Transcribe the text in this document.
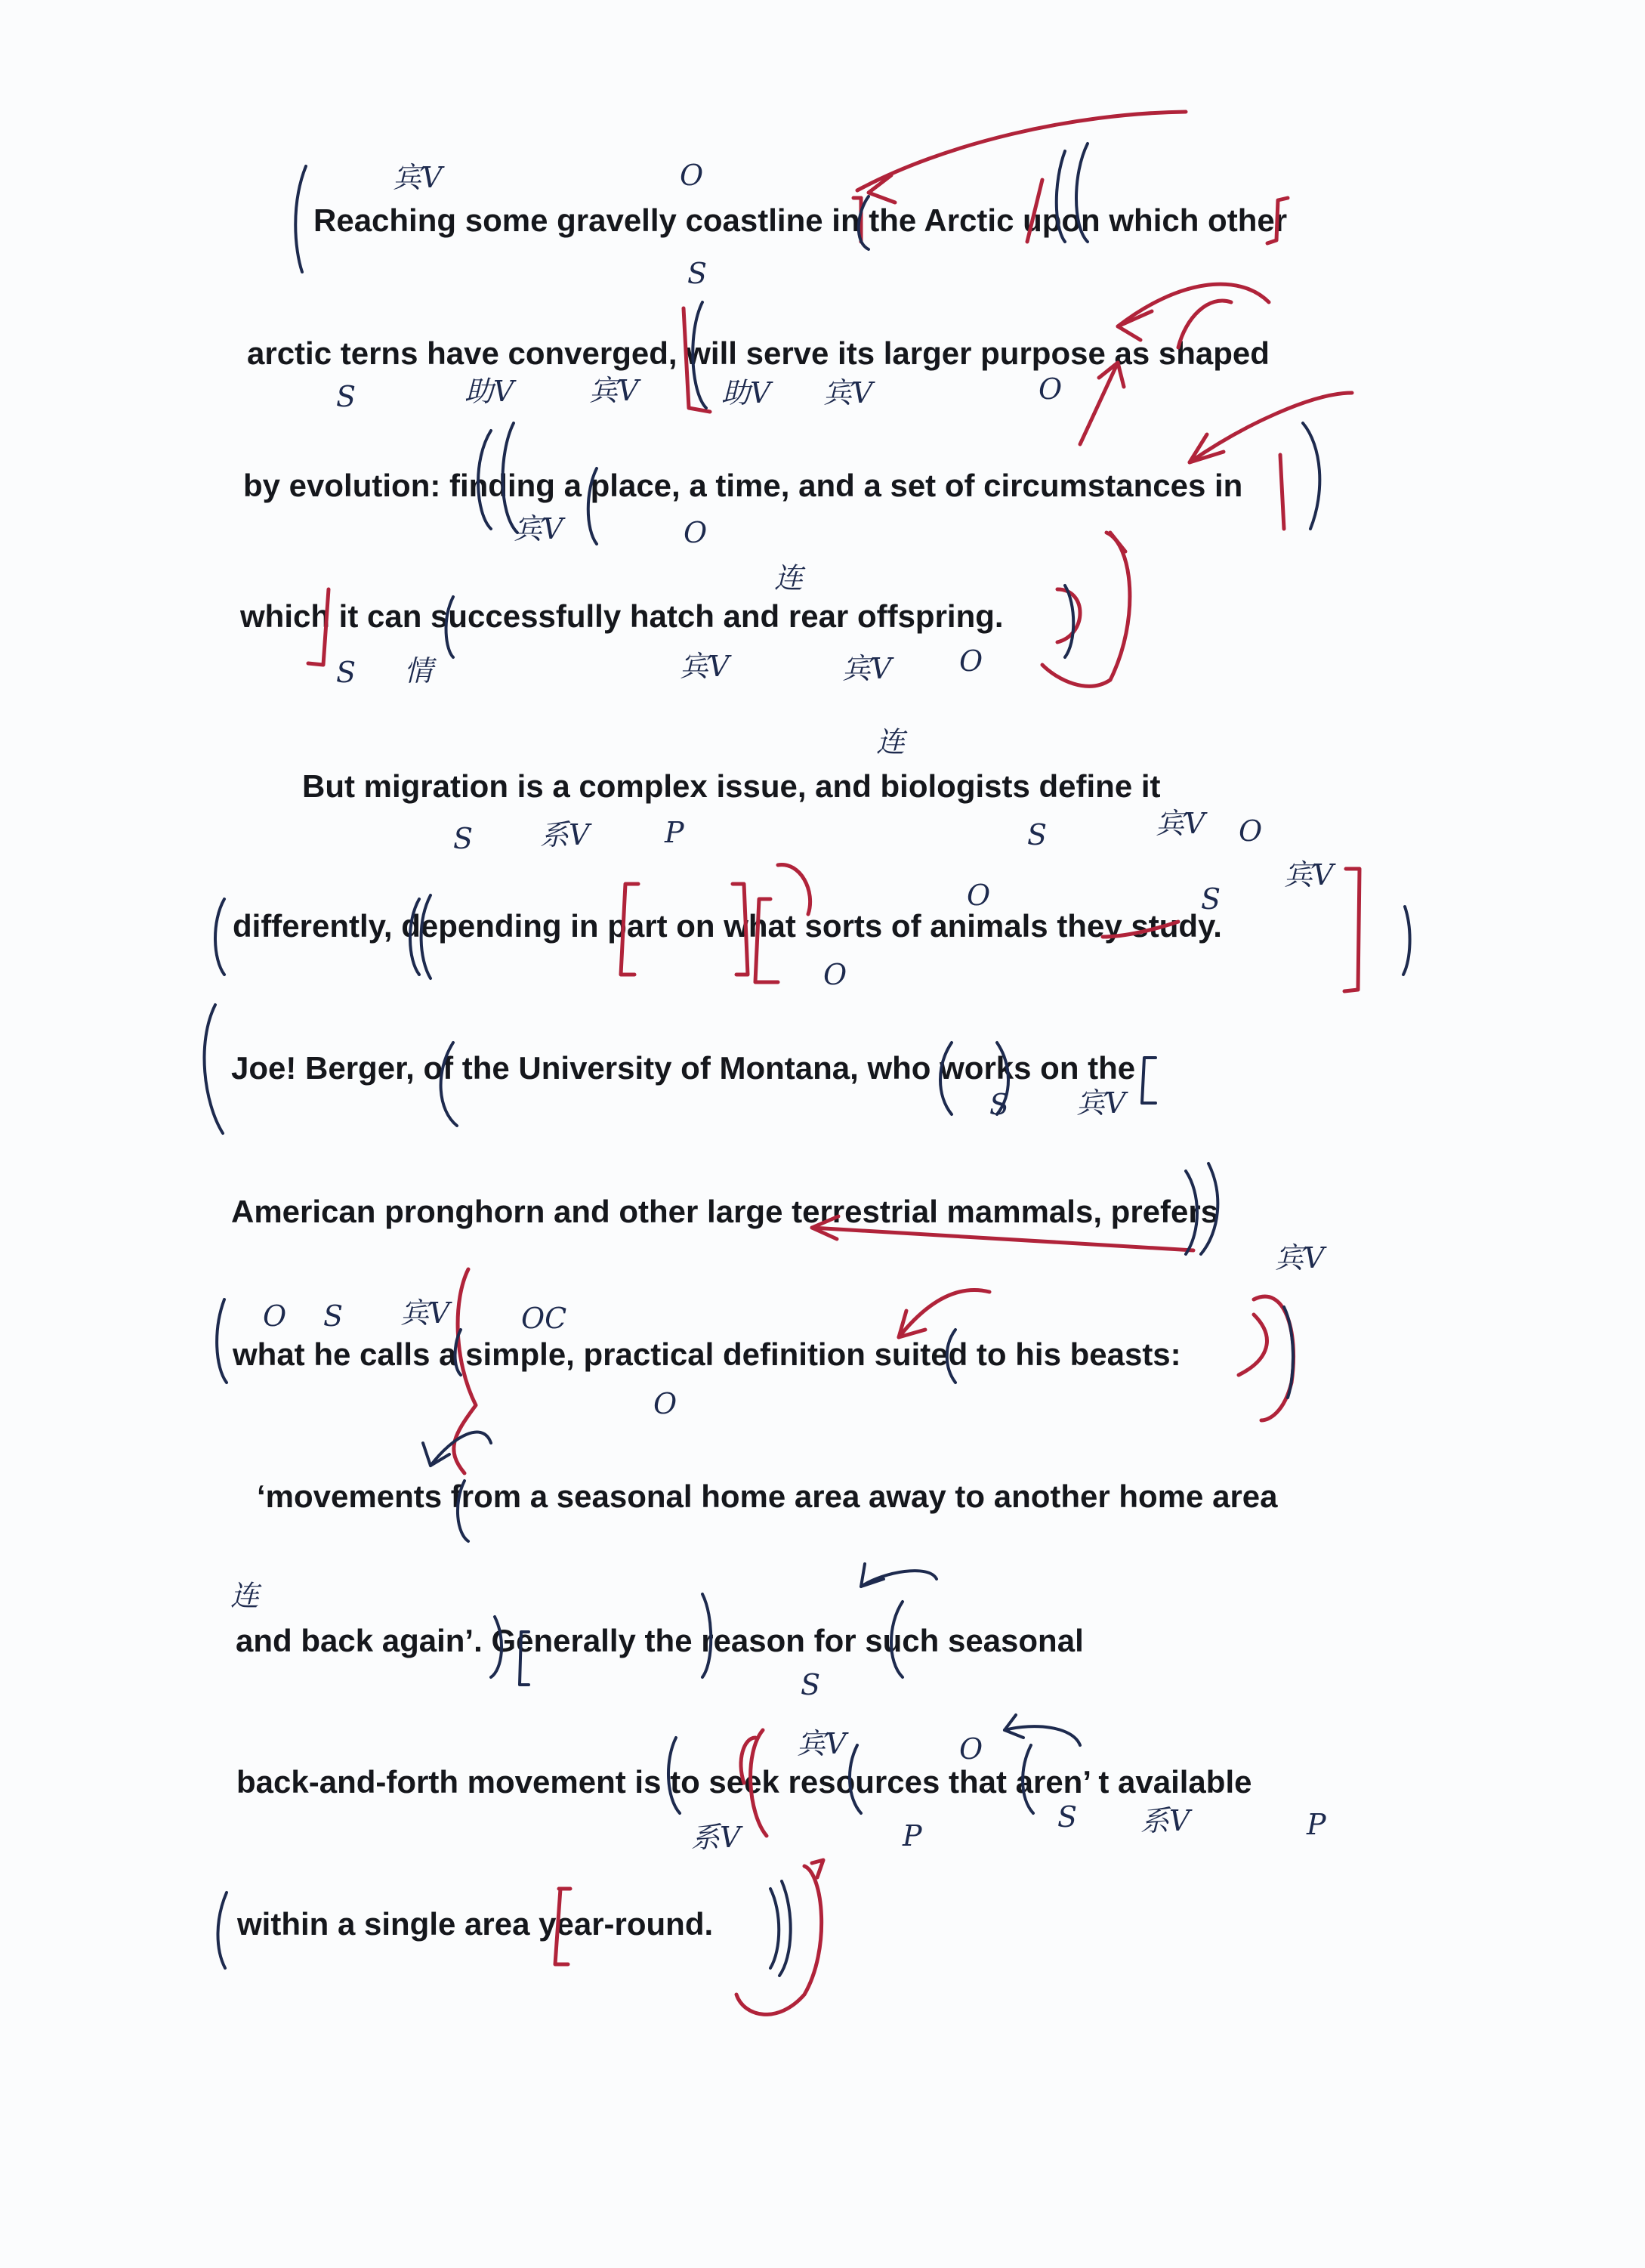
Reaching some gravelly coastline in the Arctic upon which other

arctic terns have converged, will serve its larger purpose as shaped

by evolution: finding a place, a time, and a set of circumstances in

which it can successfully hatch and rear offspring.

But migration is a complex issue, and biologists define it

differently, depending in part on what sorts of animals they study.

Joe! Berger, of the University of Montana, who works on the

American pronghorn and other large terrestrial mammals, prefers

what he calls a simple, practical definition suited to his beasts:

‘movements from a seasonal home area away to another home area

and back again’. Generally the reason for such seasonal

back-and-forth movement is to seek resources that aren’ t available

within a single area year-round.

宾V	O
S
S	助V	宾V	助V 宾V	O
宾V	O
连
S 情	宾V	宾V O
连
S 系V	P	S	宾V O
O	S
宾V
O
S 宾V
宾V
O S 宾V OC
O
连
S
宾V	O
系V
S 系V
P	P
